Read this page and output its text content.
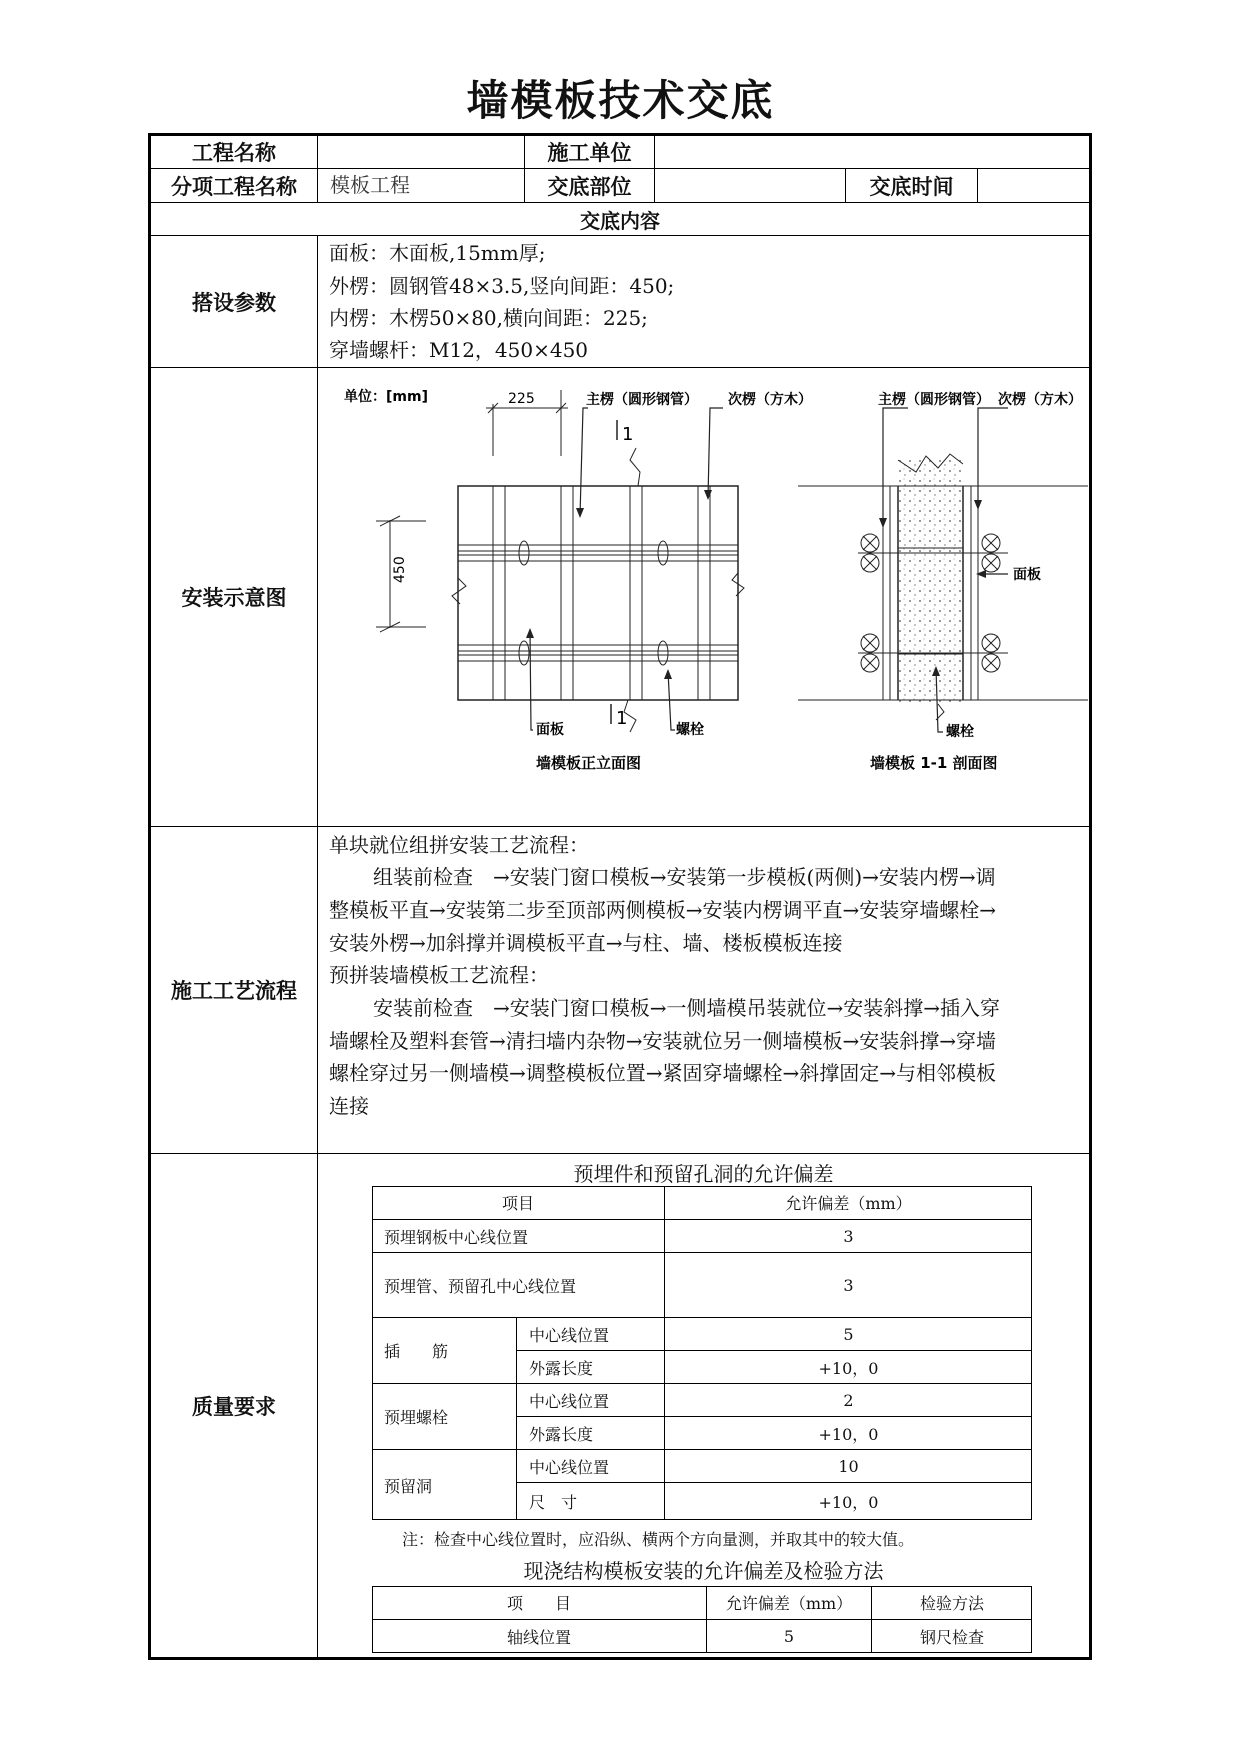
墙模板技术交底
工程名称	施工单位
分项工程名称	模板工程	交底部位	交底时间
交底内容
搭设参数
面板：木面板,15mm厚;
外楞：圆钢管48×3.5,竖向间距：450;
内楞：木楞50×80,横向间距：225;
穿墙螺杆：M12，450×450
安装示意图
单位：[mm]	225
450
主楞（圆形钢管） 次楞（方木）
1
1
面板	螺栓
墙模板正立面图
主楞（圆形钢管） 次楞（方木）
面板
螺栓
墙模板 1-1 剖面图
施工工艺流程
单块就位组拼安装工艺流程：
组装前检查　→安装门窗口模板→安装第一步模板(两侧)→安装内楞→调
整模板平直→安装第二步至顶部两侧模板→安装内楞调平直→安装穿墙螺栓→
安装外楞→加斜撑并调模板平直→与柱、墙、楼板模板连接
预拼装墙模板工艺流程：
安装前检查　→安装门窗口模板→一侧墙模吊装就位→安装斜撑→插入穿
墙螺栓及塑料套管→清扫墙内杂物→安装就位另一侧墙模板→安装斜撑→穿墙
螺栓穿过另一侧墙模→调整模板位置→紧固穿墙螺栓→斜撑固定→与相邻模板
连接
质量要求
预埋件和预留孔洞的允许偏差
项目	允许偏差（mm）
预埋钢板中心线位置	3
预埋管、预留孔中心线位置	3
插　　筋
中心线位置	5
外露长度	+10，0
预埋螺栓
中心线位置	2
外露长度	+10，0
预留洞
中心线位置	10
尺　寸	+10，0
注：检查中心线位置时，应沿纵、横两个方向量测，并取其中的较大值。
现浇结构模板安装的允许偏差及检验方法
项　　目	允许偏差（mm）	检验方法
轴线位置	5	钢尺检查
